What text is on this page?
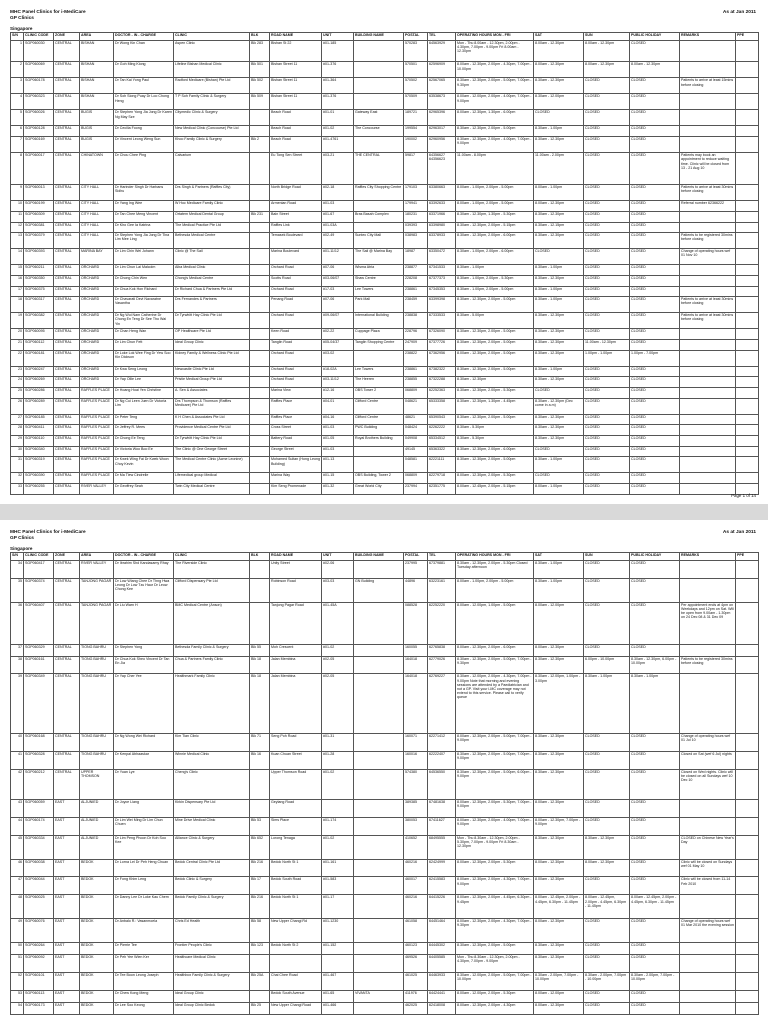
MHC Panel Clinics for i-MediCare
GP Clinics
As at Jan 2011
Singapore
S/N	CLINIC CODE	ZONE	AREA	DOCTOR - IN - CHARGE	CLINIC	BLK	ROAD NAME	UNIT	BUILDING NAME	POSTAL	TEL	OPERATING HOURS MON - FRI	SAT	SUN	PUBLIC HOLIDAY	REMARKS	PPE
1	SGP060030	CENTRAL	BISHAN	Dr Wong Kin Chan	Aspen Clinic	Blk 283	Bishan St 22	#01-185		570283	64563929	Mon - Thu 8.00am - 12.30pm, 2.00pm - 4.30pm, 7.00pm - 9.00pm Fri 8.00am - 12.30pm	8.00am - 12.30pm	8.00am - 12.30pm	CLOSED		
2	SGP060069	CENTRAL	BISHAN	Dr Goh Ming Kiong	Lifeline Bishan Medical Clinic	Blk 501	Bishan Street 11	#01-376		570501	62596909	8.00am - 12.30pm, 2.00pm - 4.30pm, 7.00pm - 10.00pm	8.00am - 12.30pm	8.00am - 12.30pm	8.00am - 12.30pm		
3	SGP060178	CENTRAL	BISHAN	Dr Tan Kai Yong Paul	Radford Medicare (Bishan) Pte Ltd	Blk 502	Bishan Street 11	#01-364		570502	62567065	8.30am - 12.30pm, 2.00pm - 5.00pm, 7.00pm - 9.30pm	8.30am - 12.30pm	CLOSED	CLOSED	Patients to arrive at least 15mins before closing	
4	SGP060323	CENTRAL	BISHAN	Dr Soh Siong Puay Dr Loo Chong Heng	T P Soh Family Clinic & Surgery	Blk 509	Bishan Street 11	#01-376		570509	63538673	8.00am - 12.00pm, 2.00pm - 4.00pm, 7.00pm - 9.00pm	8.30am - 12.00pm	CLOSED	CLOSED		
5	SGP060026	CENTRAL	BUGIS	Dr Stephen Yong Jia Jong Dr Karen Ng May Sze	Citymedic Clinic & Surgery		Beach Road	#01-01	Gateway East	189721	62965396	8.00am - 12.30pm, 1.30pm - 6.00pm	CLOSED	CLOSED	CLOSED		
6	SGP060128	CENTRAL	BUGIS	Dr Cecilia Foong	New Medical Clinic (Concourse) Pte Ltd		Beach Road	#01-02	The Concourse	199554	62963017	8.30am - 12.30pm, 2.00pm - 5.00pm	8.30am - 1.00pm	CLOSED	CLOSED		
7	SGP060169	CENTRAL	BUGIS	Dr Vincent Leong Weng Sun	Khoo Family Clinic & Surgery	Blk 2	Beach Road	#01-4761		190002	62960956	8.30am - 12.30pm, 2.00pm - 4.00pm, 7.00pm - 9.00pm	8.30am - 12.30pm	CLOSED	CLOSED		
8	SGP060017	CENTRAL	CHINATOWN	Dr Chou Chee Ping	Calvarium		Eu Tong Sen Street	#03-21	THE CENTRAL	59817	64356627 64356623	11.00am - 8.00pm	11.00am - 2.00pm	CLOSED	CLOSED	Patients may book an appointment to reduce waiting time. Clinic will be closed from 13 - 21 Aug 10	
9	SGP060013	CENTRAL	CITY HALL	Dr Harinder Singh Dr Harbans Sidhu	Drs Singh & Partners (Raffles City)		North Bridge Road	#02-18	Raffles City Shopping Centre	179103	63380663	8.00am - 1.00pm, 2.00pm - 5.00pm	8.00am - 1.00pm	CLOSED	CLOSED	Patients to arrive at least 30mins before closing	
10	SGP060199	CENTRAL	CITY HALL	Dr Yang Ing Wee	W Hoc Medicare Family Clinic		Armenian Road	#01-03		179941	63392633	8.00am - 1.00pm, 2.00pm - 5.00pm	8.00am - 12.30pm	CLOSED	CLOSED	Referral number 62366222	
11	SGP060309	CENTRAL	CITY HALL	Dr Tan Chee Meng Vincent	Ortatem Medical Dental Group	Blk 231	Bain Street	#01-67	Bras Basah Complex	180231	63371966	8.30am - 12.30pm, 1.30pm - 5.30pm	8.30am - 12.30pm	CLOSED	CLOSED		
12	SGP060381	CENTRAL	CITY HALL	Dr Kho Gee Ia Katrina	The Medical Practice Pte Ltd		Raffles Link	#01-03A		039393	63398980	8.30am - 12.30pm, 2.00pm - 5.15pm	8.30am - 12.15pm	CLOSED	CLOSED		
13	SGP060379	CENTRAL	CITY HALL	Dr Stephen Yong Jia Jong Dr Tina Lim Mee Ling	Bethesda Medical Centre		Temasek Boulevard	#02-49	Suntec City Mall	038983	63378933	8.30am - 12.30pm, 2.00pm - 6.00pm	8.30am - 12.30pm	CLOSED	CLOSED	Patients to be registered 30mins before closing	
14	SGP060393	CENTRAL	MARINA BAY	Dr Lim Chin Wei Johann	Clinic @ The Sail		Marina Boulevard	#01-11/12	The Sail @ Marina Bay	18987	63350472	8.30am - 1.00pm, 2.00pm - 6.00pm	CLOSED	CLOSED	CLOSED	Change of operating hours wef 01 Nov 10	
15	SGP060211	CENTRAL	ORCHARD	Dr Lim Chun Lai Malcolm	Alba Medical Clinic		Orchard Road	#07-06	Wisma Atria	238877	67341533	8.30am - 1.00pm	8.30am - 1.00pm	CLOSED	CLOSED		
16	SGP060350	CENTRAL	ORCHARD	Dr Chong Chin Wen	Chong's Medical Centre		Scotts Road	#03-06/07	Shaw Centre	228208	67377373	8.30am - 1.00pm, 2.00pm - 5.30pm	8.30am - 12.30pm	CLOSED	CLOSED		
17	SGP060375	CENTRAL	ORCHARD	Dr Chua Kok Hon Richard	Dr Richard Chua & Partners Pte Ltd		Orchard Road	#17-03	Lee Towers	238861	67345353	8.30am - 1.00pm, 2.00pm - 5.00pm	8.30am - 1.00pm	CLOSED	CLOSED		
18	SGP060317	CENTRAL	ORCHARD	Dr Chavarati Devi Navaratne Vasantha	Drs Fernandes & Partners		Penang Road	#07-06	Park Mall	238459	63399398	8.30am - 12.30pm, 2.00pm - 5.00pm	8.30am - 1.00pm	CLOSED	CLOSED	Patients to arrive at least 30mins before closing	
19	SGP060382	CENTRAL	ORCHARD	Dr Ng Wui Nam Catherine Dr Chong En Teng Dr See Tho Wai Yin	Dr Tyrwhitt Hay Clinic Pte Ltd		Orchard Road	#09-06/07	International Building	238838	67333533	8.30am - 5.00pm	8.30am - 12.30pm	CLOSED	CLOSED	Patients to arrive at least 30mins before closing	
20	SGP060095	CENTRAL	ORCHARD	Dr Chan Heng Wan	OP Healthcare Pte Ltd		Keen Road	#02-22	Cuppage Plaza	228796	67326090	8.30am - 12.30pm, 2.00pm - 5.00pm	8.30am - 12.30pm	CLOSED	CLOSED		
21	SGP060112	CENTRAL	ORCHARD	Dr Lim Chun Fett	Ideal Group Clinic		Tanglin Road	#05-04/37	Tanglin Shopping Centre	247909	67377726	8.30am - 12.30pm, 2.00pm - 5.00pm	8.30am - 12.30pm	11.00am - 12.30pm	CLOSED		
22	SGP060181	CENTRAL	ORCHARD	Dr Loke Lok Wee Fing Dr Yew Soo Kin Dickson	Kidney Family & Wellness Clinic Pte Ltd		Orchard Road	#03-02		238822	67362956	8.00am - 12.30pm, 2.00pm - 5.00pm	8.30am - 12.30pm	1.00pm - 1.00pm	1.00pm - 7.00pm		
23	SGP060247	CENTRAL	ORCHARD	Dr Kwa Seng Leong	Newcastle Clinic Pte Ltd		Orchard Road	#18-02A	Lee Towers	238861	67382322	8.30am - 12.30pm, 2.00pm - 5.00pm	8.30am - 1.00pm	CLOSED	CLOSED		
24	SGP060269	CENTRAL	ORCHARD	Dr Yap Ollie Lee	Pristie Medical Group Pte Ltd		Orchard Road	#03-11/12	The Heeren	238855	67322288	8.30am - 12.30pm	8.30am - 12.30pm	CLOSED	CLOSED		
25	SGP060286	CENTRAL	RAFFLES PLACE	Dr Hoang Hoai Yen Christine	A. Sen & Associates		Marina View	#12-16	OBS Tower 2	068809	62252363	8.30am - 12.30pm, 2.00pm - 5.30pm	CLOSED	CLOSED	CLOSED		
26	SGP060289	CENTRAL	RAFFLES PLACE	Dr Ng Cui Leen Juen Dr Victoria Lim	Drs Thompson & Thomson (Raffles Medicare) Pte Ltd		Raffles Place	#04-01	Clifford Centre	048621	65333358	8.30am - 12.30pm, 1.30pm - 4.45pm	8.30am - 12.30pm (Dec come in a.m)	CLOSED	CLOSED		
27	SGP060185	CENTRAL	RAFFLES PLACE	Dr Peter Teng	K H Chen & Associates Pte Ltd		Raffles Place	#04-16	Clifford Centre	48621	65390543	8.30am - 12.30pm, 2.00pm - 5.00pm	8.30am - 12.30pm	CLOSED	CLOSED		
28	SGP060411	CENTRAL	RAFFLES PLACE	Dr Jeffrey R. Mees	Providence Medical Centre Pte Ltd		Cross Street	#01-03	PWC Building	048424	62262222	8.30am - 5.30pm	8.30am - 12.30pm	CLOSED	CLOSED		
29	SGP060110	CENTRAL	RAFFLES PLACE	Dr Chong Ee Teng	Dr Tyrwhitt Hay Clinic Pte Ltd		Battery Road	#01-05	Royal Brothers Building	049908	65334512	8.30am - 5.30pm	8.30am - 12.30pm	CLOSED	CLOSED		
30	SGP060340	CENTRAL	RAFFLES PLACE	Dr Victoria Woo Boo Ee	The Clinic @ One George Street		George Street	#01-03		49145	65363322	8.30am - 12.30pm, 2.00pm - 6.00pm	CLOSED	CLOSED	CLOSED		
31	SGP060319	CENTRAL	RAFFLES PLACE	Dr Kwek Wing Fai Dr Kwek Woon Choy Kevin	The Medical Centre Clinic (Acme Leonine)		Mohamed Sultan (Hong Leong Building)	#01-13		048581	62221111	8.30am - 12.30pm, 2.00pm - 5.00pm	8.30am - 1.00pm	CLOSED	CLOSED		
32	SGP060390	CENTRAL	RAFFLES PLACE	Dr Ma Tiew Cindrelle	Lifemedical group Medical		Marina Way	#01-15	OBS Building, Tower 2	068809	62279718	8.00am - 12.30pm, 2.00pm - 5.30pm	CLOSED	CLOSED	CLOSED		
33	SGP060255	CENTRAL	RIVER VALLEY	Dr Geoffrey Seah	Twin City Medical Centre		Kim Seng Promenade	#01-32	Great World City	237994	62351775	8.00am - 12.45pm, 2.00pm - 5.15pm	8.00am - 1.00pm	CLOSED	CLOSED		
Page 1 of 14
MHC Panel Clinics for i-MediCare
GP Clinics
As at Jan 2011
Singapore
S/N	CLINIC CODE	ZONE	AREA	DOCTOR - IN - CHARGE	CLINIC	BLK	ROAD NAME	UNIT	BUILDING NAME	POSTAL	TEL	OPERATING HOURS MON - FRI	SAT	SUN	PUBLIC HOLIDAY	REMARKS	PPE
34	SGP060417	CENTRAL	RIVER VALLEY	Dr Ibrahim Shd Kandasamy Rhay	The Riverside Clinic		Unity Street	#02-06		237995	67379881	8.30am - 12.30pm, 2.00pm - 5.30pm Closed Tuesday afternoon	8.30am - 1.00pm	CLOSED	CLOSED		
35	SGP060374	CENTRAL	TANJONG PAGAR	Dr Low Wiang Chee Dr Thng Hwa Leong Dr Low Tzu Haur Dr Leow Chong Kee	Clifford Dispensary Pte Ltd		Robinson Road	#03-03	GN Building	44896	63223161	8.00am - 1.00pm, 2.00pm - 5.00pm	8.30am - 1.00pm	CLOSED	CLOSED		
36	SGP060407	CENTRAL	TANJONG PAGAR	Dr Liu Warn H	BMC Medical Centre (Anson)		Tanjong Pagar Road	#01-45A		088528	62252220	8.00am - 12.00pm, 1.00pm - 5.00pm	8.00am - 12.00pm	CLOSED	CLOSED	Per appointment ends at 4pm on Weekdays and 12pm on Sat. Will be open from 9.00am - 1.30pm on 24 Dec 08 & 31 Dec 09	
37	SGP060329	CENTRAL	TIONG BAHRU	Dr Stephen Yong	Bethesda Family Clinic & Surgery	Blk 55	Moh Crescent	#01-02		160055	62765838	8.00am - 12.30pm, 2.00pm - 6.00pm	8.00am - 12.30pm	CLOSED	CLOSED		
38	SGP060161	CENTRAL	TIONG BAHRU	Dr Chua Kok Sheo Vincent Dr Tan En Jia	Chua & Partners Family Clinic	Blk 18	Jalan Membina	#02-05		164018	62779026	8.30am - 12.30pm, 2.00pm - 5.00pm, 7.00pm - 9.30pm	8.30am - 12.30pm	6.00pm - 10.00pm	8.30am - 12.30pm, 6.00pm - 10.00pm	Patients to be registered 30mins before closing	
39	SGP060349	CENTRAL	TIONG BAHRU	Dr Yap Cher Yee	Healthmark Family Clinic	Blk 18	Jalan Membina	#02-05		164018	62769227	8.30am - 12.00pm, 2.00pm - 4.30pm, 7.00pm - 9.00pm Note that morning and evening sessions are attended by a Paediatrician and not a GP. Visit your i-MC coverage may not extend to this service. Please call to verify queue	8.30am - 12.00pm, 1.00pm - 3.00pm	8.30am - 1.00pm	8.30am - 1.00pm		
40	SGP060168	CENTRAL	TIONG BAHRU	Dr Ng Wong Wei Richard	Kim Tian Clinic	Blk 71	Seng Poh Road	#01-31		160071	62271412	8.00am - 12.30pm, 2.00pm - 5.00pm, 7.00pm - 9.00pm	8.30am - 12.30pm	CLOSED	CLOSED	Change of operating hours wef 01 Jul 10	
41	SGP060328	CENTRAL	TIONG BAHRU	Dr Kenpal Abhaaskar	Winnie Medical Clinic	Blk 16	Kuan Chuan Street	#01-28		160016	62222407	8.30am - 12.30pm, 2.00pm - 5.00pm, 7.00pm - 9.00pm	8.30am - 12.30pm	CLOSED	CLOSED	Closed on Sat (wef 6 Jul) nights	
42	SGP060212	CENTRAL	UPPER THOMSON	Dr Yuan Lye	Cheng's Clinic		Upper Thomson Road	#01-02		574380	64536550	8.30am - 12.30pm, 2.00pm - 5.00pm, 6.00pm - 9.00pm	8.30am - 12.30pm	CLOSED	CLOSED	Closed on Wed nights. Clinic will be closed on all Sundays wef 10 Dec 10	
43	SGP060059	EAST	ALJUNIED	Dr Joyce Liang	Kirkin Dispensary Pte Ltd		Geylang Road			389385	67481638	8.00am - 12.30pm, 2.00pm - 5.30pm, 7.00pm - 9.00pm	8.00am - 12.30pm	CLOSED	CLOSED		
44	SGP060174	EAST	ALJUNIED	Dr Lim Wei Ming Dr Lim Chun Chuen	Mine Drive Medical Clinic	Blk 53	Sims Place	#01-174		380053	67411627	8.00am - 12.30pm, 2.00pm - 4.00pm, 7.00pm - 9.00pm	8.00am - 12.30pm, 7.00pm - 9.00pm	CLOSED	CLOSED		
45	SGP060334	EAST	ALJUNIED	Dr Lim Peng Phoon Dr Koh Soo Kee	Alliance Clinic & Surgery	Blk 652	Lorong Tenaga	#01-02		410652	68495555	Mon - Thu 8.30am - 12.30pm, 2.00pm - 5.30pm, 7.00pm - 9.00pm Fri 8.30am - 12.30pm	8.30am - 12.30pm	8.30am - 12.30pm	CLOSED	CLOSED on Chinese New Year's Day	
46	SGP060038	EAST	BEDOK	Dr Lorna Lei Dr Peh Heng Chuan	Bedok Central Clinic Pte Ltd	Blk 216	Bedok North St 1	#01-161		460216	62424999	8.00am - 12.30pm, 2.00pm - 5.30pm	8.00am - 12.30pm	8.00am - 12.30pm	CLOSED	Clinic will be closed on Sundays wef 01 May 10	
47	SGP060044	EAST	BEDOK	Dr Fong Khim Leng	Bedok Clinic & Surgery	Blk 17	Bedok South Road	#01-583		460017	62415583	8.00am - 12.30pm, 2.00pm - 4.30pm, 7.00pm - 9.00pm	8.00am - 12.30pm	CLOSED	CLOSED	Clinic will be closed from 11-14 Feb 2010	
48	SGP060025	EAST	BEDOK	Dr Danny Lee Dr Loke Kau Chern	Bedok Family Clinic & Surgery	Blk 216	Bedok North St 1	#01-17		460216	64415226	8.00am - 12.30pm, 2.00pm - 4.45pm, 6.30pm - 9.45pm	8.00am - 12.45pm, 2.00pm - 4.45pm, 6.30pm - 11.45pm	8.00am - 12.45pm, 2.00pm - 4.45pm, 6.30pm - 11.45pm	8.00am - 12.45pm, 2.00pm - 4.45pm, 6.30pm - 11.45pm		
49	SGP060076	EAST	BEDOK	Dr Anbalo R.: Vasanmoela	Chris Ed Health	Blk 58	New Upper Changi Rd	#01-1230		461058	64451464	8.00am - 12.30pm, 2.00pm - 4.30pm, 7.00pm - 9.30pm	8.00am - 12.30pm	CLOSED	CLOSED	Change of operating hours wef 01 Mar 2010 the evening session	
50	SGP060264	EAST	BEDOK	Dr Pierrie Tee	Frontier People's Clinic	Blk 123	Bedok North St 2	#01-152		460123	64445302	8.30am - 12.30pm, 2.00pm - 5.00pm	8.30am - 12.30pm	CLOSED	CLOSED		
51	SGP060092	EAST	BEDOK	Dr Peh Yee Wien Ker	Healthcare Medical Clinic					469526	64405585	Mon - Thu 8.30am - 12.30pm, 2.00pm - 4.30pm, 7.00pm - 9.00pm	8.30am - 12.30pm	CLOSED	CLOSED		
52	SGP060101	EAST	BEDOK	Dr Tee Boon Leong Joseph	Healthbox Family Clinic & Surgery	Blk 25A	Chai Chee Road	#01-467		461025	64463933	8.30am - 12.00pm, 2.00pm - 5.00pm, 7.00pm - 10.00pm	8.30am - 2.00pm, 7.00pm - 10.00pm	8.30am - 2.00pm, 7.00pm - 10.00pm	8.30am - 2.00pm, 7.00pm - 10.00pm		
53	SGP060113	EAST	BEDOK	Dr Chew Kong Meng	Ideal Group Clinic		Bedok South Avenue	#01-65	VIVANTA	411976	64424441	8.00am - 12.00pm, 2.00pm - 5.30pm	8.00am - 12.00pm	CLOSED	CLOSED		
54	SGP060173	EAST	BEDOK	Dr Lee Soo Keong	Ideal Group Clinic Bedok	Blk 25	New Upper Changi Road	#01-466		462025	62418008	8.00am - 12.30pm, 2.00pm - 4.30pm	8.00am - 12.30pm	CLOSED	CLOSED		
